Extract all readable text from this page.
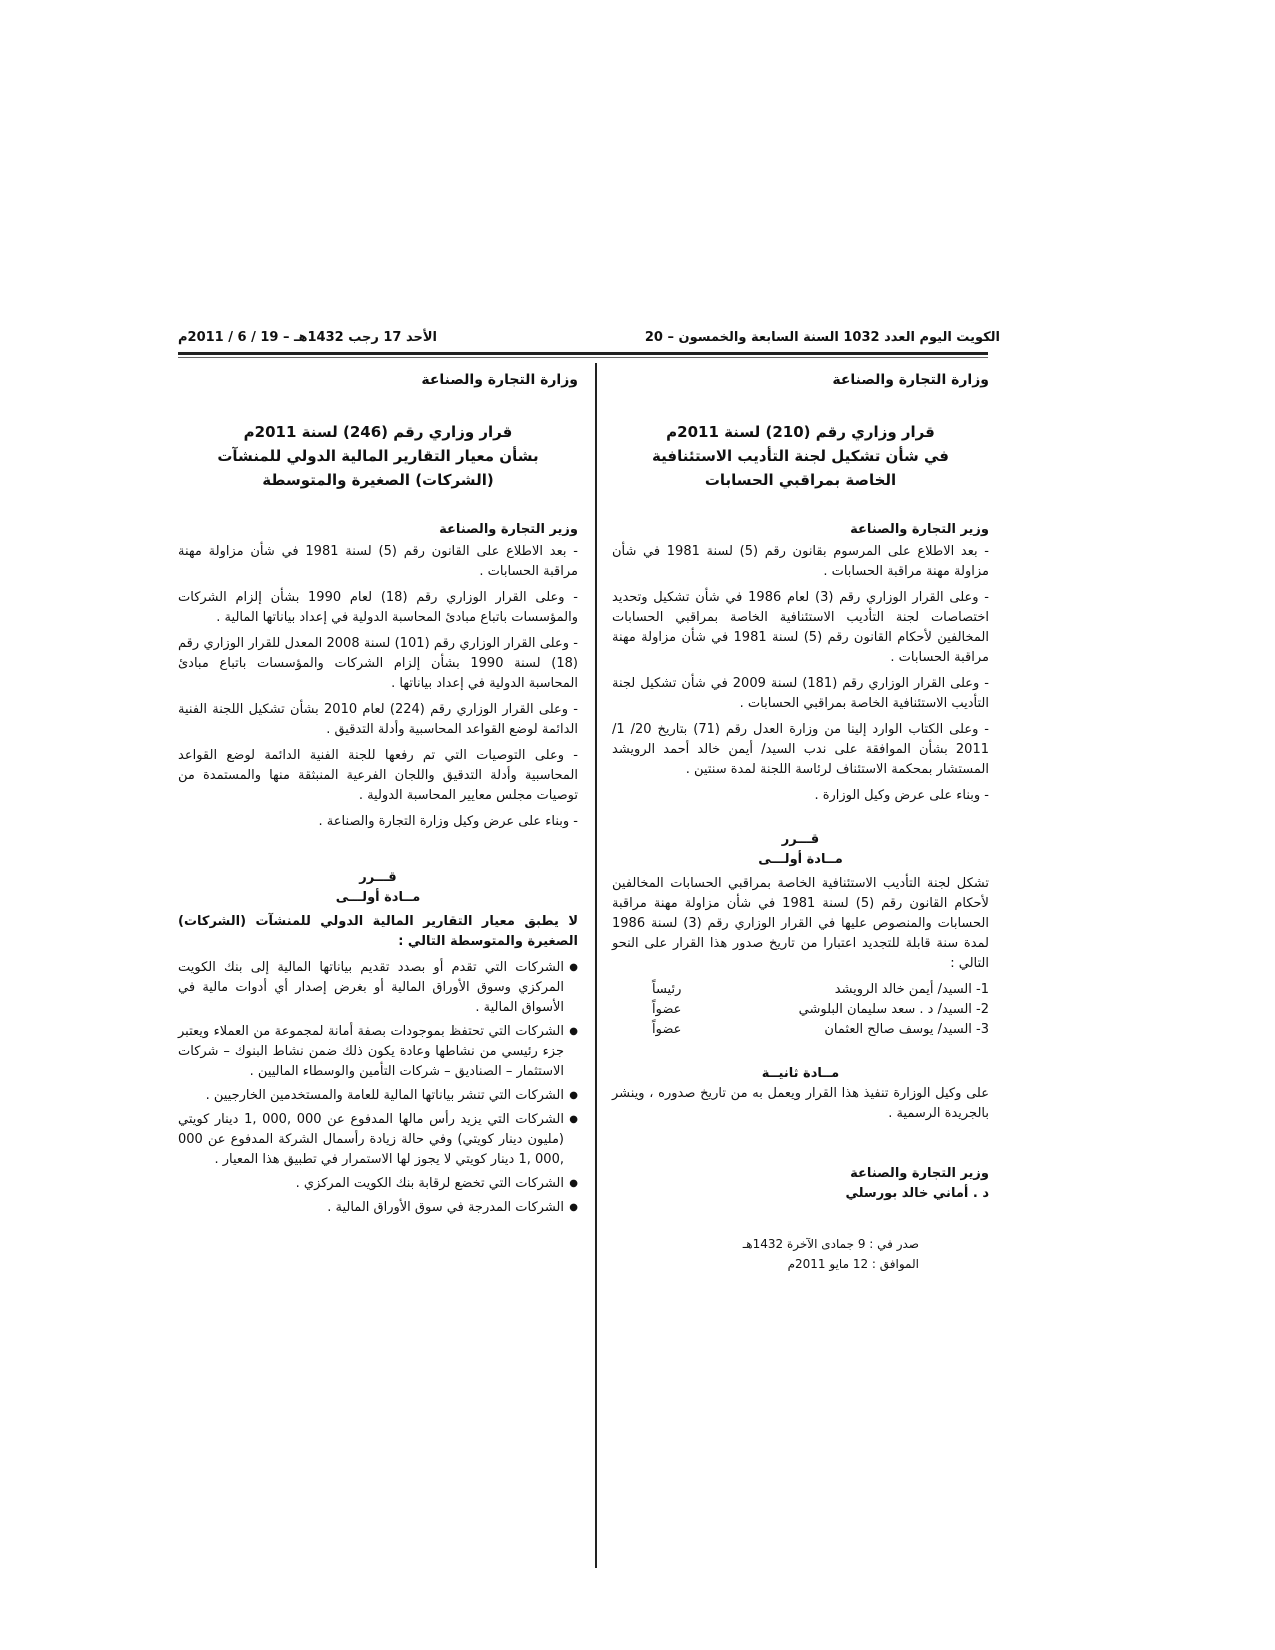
الكويت اليوم العدد 1032 السنة السابعة والخمسون – 20
الأحد 17 رجب 1432هـ – 19 / 6 / 2011م
وزارة التجارة والصناعة
قرار وزاري رقم (210) لسنة 2011م
في شأن تشكيل لجنة التأديب الاستئنافية
الخاصة بمراقبي الحسابات
وزير التجارة والصناعة

- بعد الاطلاع على المرسوم بقانون رقم (5) لسنة 1981 في شأن مزاولة مهنة مراقبة الحسابات .

- وعلى القرار الوزاري رقم (3) لعام 1986 في شأن تشكيل وتحديد اختصاصات لجنة التأديب الاستئنافية الخاصة بمراقبي الحسابات المخالفين لأحكام القانون رقم (5) لسنة 1981 في شأن مزاولة مهنة مراقبة الحسابات .

- وعلى القرار الوزاري رقم (181) لسنة 2009 في شأن تشكيل لجنة التأديب الاستئنافية الخاصة بمراقبي الحسابات .

- وعلى الكتاب الوارد إلينا من وزارة العدل رقم (71) بتاريخ 20/ 1/ 2011 بشأن الموافقة على ندب السيد/ أيمن خالد أحمد الرويشد المستشار بمحكمة الاستئناف لرئاسة اللجنة لمدة سنتين .

- وبناء على عرض وكيل الوزارة .

قـــرر
مــادة أولـــى

تشكل لجنة التأديب الاستئنافية الخاصة بمراقبي الحسابات المخالفين لأحكام القانون رقم (5) لسنة 1981 في شأن مزاولة مهنة مراقبة الحسابات والمنصوص عليها في القرار الوزاري رقم (3) لسنة 1986 لمدة سنة قابلة للتجديد اعتبارا من تاريخ صدور هذا القرار على النحو التالي :

1- السيد/ أيمن خالد الرويشد
رئيساً
2- السيد/ د . سعد سليمان البلوشي
عضواً
3- السيد/ يوسف صالح العثمان
عضواً
مــادة ثانيــة

على وكيل الوزارة تنفيذ هذا القرار ويعمل به من تاريخ صدوره ، وينشر بالجريدة الرسمية .

وزير التجارة والصناعة
د . أماني خالد بورسلي
صدر في : 9 جمادى الآخرة 1432هـ
الموافق : 12 مايو 2011م
وزارة التجارة والصناعة
قرار وزاري رقم (246) لسنة 2011م
بشأن معيار التقارير المالية الدولي للمنشآت
(الشركات) الصغيرة والمتوسطة
وزير التجارة والصناعة

- بعد الاطلاع على القانون رقم (5) لسنة 1981 في شأن مزاولة مهنة مراقبة الحسابات .

- وعلى القرار الوزاري رقم (18) لعام 1990 بشأن إلزام الشركات والمؤسسات باتباع مبادئ المحاسبة الدولية في إعداد بياناتها المالية .

- وعلى القرار الوزاري رقم (101) لسنة 2008 المعدل للقرار الوزاري رقم (18) لسنة 1990 بشأن إلزام الشركات والمؤسسات باتباع مبادئ المحاسبة الدولية في إعداد بياناتها .

- وعلى القرار الوزاري رقم (224) لعام 2010 بشأن تشكيل اللجنة الفنية الدائمة لوضع القواعد المحاسبية وأدلة التدقيق .

- وعلى التوصيات التي تم رفعها للجنة الفنية الدائمة لوضع القواعد المحاسبية وأدلة التدقيق واللجان الفرعية المنبثقة منها والمستمدة من توصيات مجلس معايير المحاسبة الدولية .

- وبناء على عرض وكيل وزارة التجارة والصناعة .

قـــرر
مــادة أولـــى

لا يطبق معيار التقارير المالية الدولي للمنشآت (الشركات) الصغيرة والمتوسطة التالي :

● الشركات التي تقدم أو بصدد تقديم بياناتها المالية إلى بنك الكويت المركزي وسوق الأوراق المالية أو بغرض إصدار أي أدوات مالية في الأسواق المالية .
● الشركات التي تحتفظ بموجودات بصفة أمانة لمجموعة من العملاء ويعتبر جزء رئيسي من نشاطها وعادة يكون ذلك ضمن نشاط البنوك – شركات الاستثمار – الصناديق – شركات التأمين والوسطاء الماليين .
● الشركات التي تنشر بياناتها المالية للعامة والمستخدمين الخارجيين .
● الشركات التي يزيد رأس مالها المدفوع عن 000 ,000 ,1 دينار كويتي (مليون دينار كويتي) وفي حالة زيادة رأسمال الشركة المدفوع عن 000 ,000 ,1 دينار كويتي لا يجوز لها الاستمرار في تطبيق هذا المعيار .
● الشركات التي تخضع لرقابة بنك الكويت المركزي .
● الشركات المدرجة في سوق الأوراق المالية .
